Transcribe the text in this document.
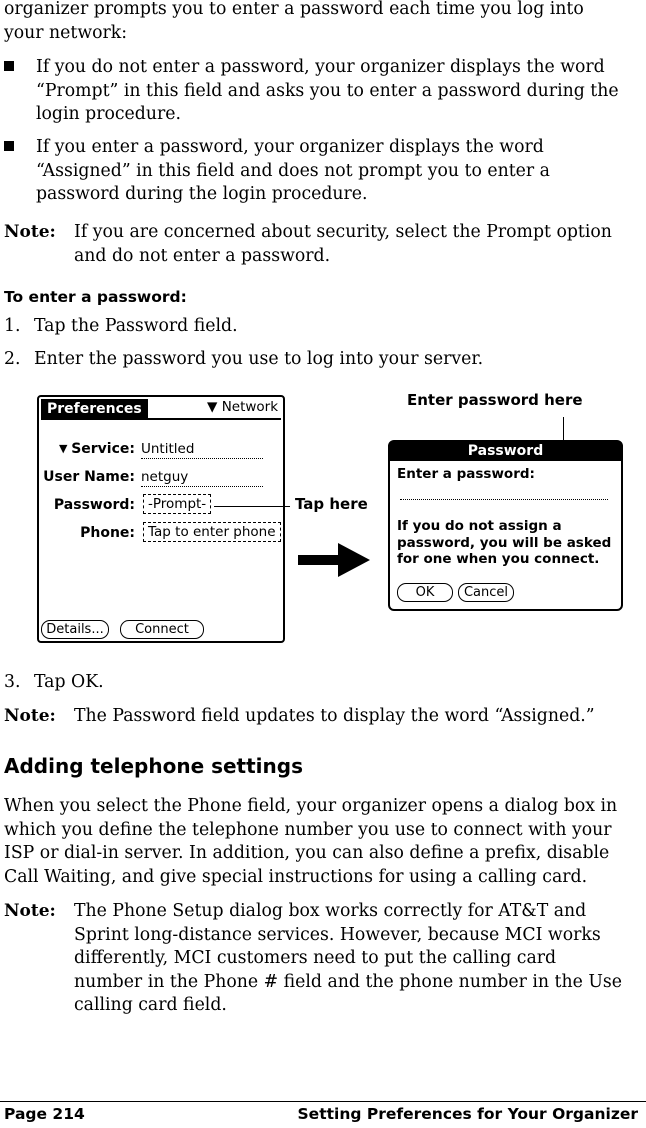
organizer prompts you to enter a password each time you log into
your network:
If you do not enter a password, your organizer displays the word
“Prompt” in this field and asks you to enter a password during the
login procedure.
If you enter a password, your organizer displays the word
“Assigned” in this field and does not prompt you to enter a
password during the login procedure.
Note: If you are concerned about security, select the Prompt option
and do not enter a password.
To enter a password:
1. Tap the Password field.
2. Enter the password you use to log into your server.
Preferences	▼ Network
▼ Service: Untitled
User Name: netguy
Password: -Prompt-
Phone: Tap to enter phone
Details...	Connect
Tap here
Enter password here
Password
Enter a password:
If you do not assign a
password, you will be asked
for one when you connect.
OK	Cancel
3. Tap OK.
Note: The Password field updates to display the word “Assigned.”
Adding telephone settings
When you select the Phone field, your organizer opens a dialog box in
which you define the telephone number you use to connect with your
ISP or dial-in server. In addition, you can also define a prefix, disable
Call Waiting, and give special instructions for using a calling card.
Note: The Phone Setup dialog box works correctly for AT&T and
Sprint long-distance services. However, because MCI works
differently, MCI customers need to put the calling card
number in the Phone # field and the phone number in the Use
calling card field.
Page 214	Setting Preferences for Your Organizer
